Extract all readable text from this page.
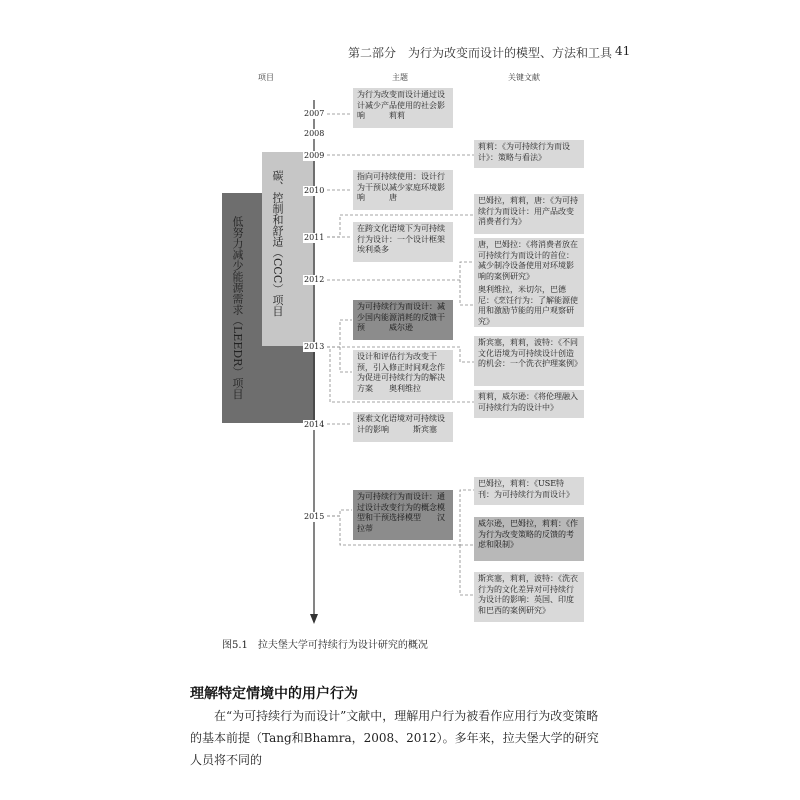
第二部分　为行为改变而设计的模型、方法和工具 41
项目	主题	关键文献
低努力减少能源需求（LEEDR）项目 碳、控制和舒适（CCC）项目
2007
2008
2009
2010
2011
2012
2013
2014
2015
为行为改变而设计通过设计减少产品使用的社会影响　　　莉莉
指向可持续使用：设计行为干预以减少家庭环境影响　　　唐
在跨文化语境下为可持续行为设计：一个设计框架　　　埃利桑多
为可持续行为而设计：减少国内能源消耗的反馈干预　　　威尔逊
设计和评估行为改变干预，引入修正时间观念作为促进可持续行为的解决方案　　奥利维拉
探索文化语境对可持续设计的影响　　　斯宾塞
为可持续行为而设计：通过设计改变行为的概念模型和干预选择模型　　汉拉蒂
莉莉：《为可持续行为而设计》：策略与看法》
巴姆拉，莉莉，唐：《为可持续行为而设计：用产品改变消费者行为》
唐，巴姆拉：《将消费者放在可持续行为而设计的首位：减少制冷设备使用对环境影响的案例研究》
奥利维拉，米切尔，巴德尼：《烹饪行为：了解能源使用和激励节能的用户观察研究》
斯宾塞，莉莉，波特：《不同文化语境为可持续设计创造的机会：一个洗衣护理案例》
莉莉，威尔逊：《将伦理融入可持续行为的设计中》
巴姆拉，莉莉：《USE特刊：为可持续行为而设计》
威尔逊，巴姆拉，莉莉：《作为行为改变策略的反馈的考虑和限制》
斯宾塞，莉莉，波特：《洗衣行为的文化差异对可持续行为设计的影响：英国、印度和巴西的案例研究》
图5.1　拉夫堡大学可持续行为设计研究的概况
理解特定情境中的用户行为
在“为可持续行为而设计”文献中，理解用户行为被看作应用行为改变策略的基本前提（Tang和Bhamra，2008、2012）。多年来，拉夫堡大学的研究人员将不同的
